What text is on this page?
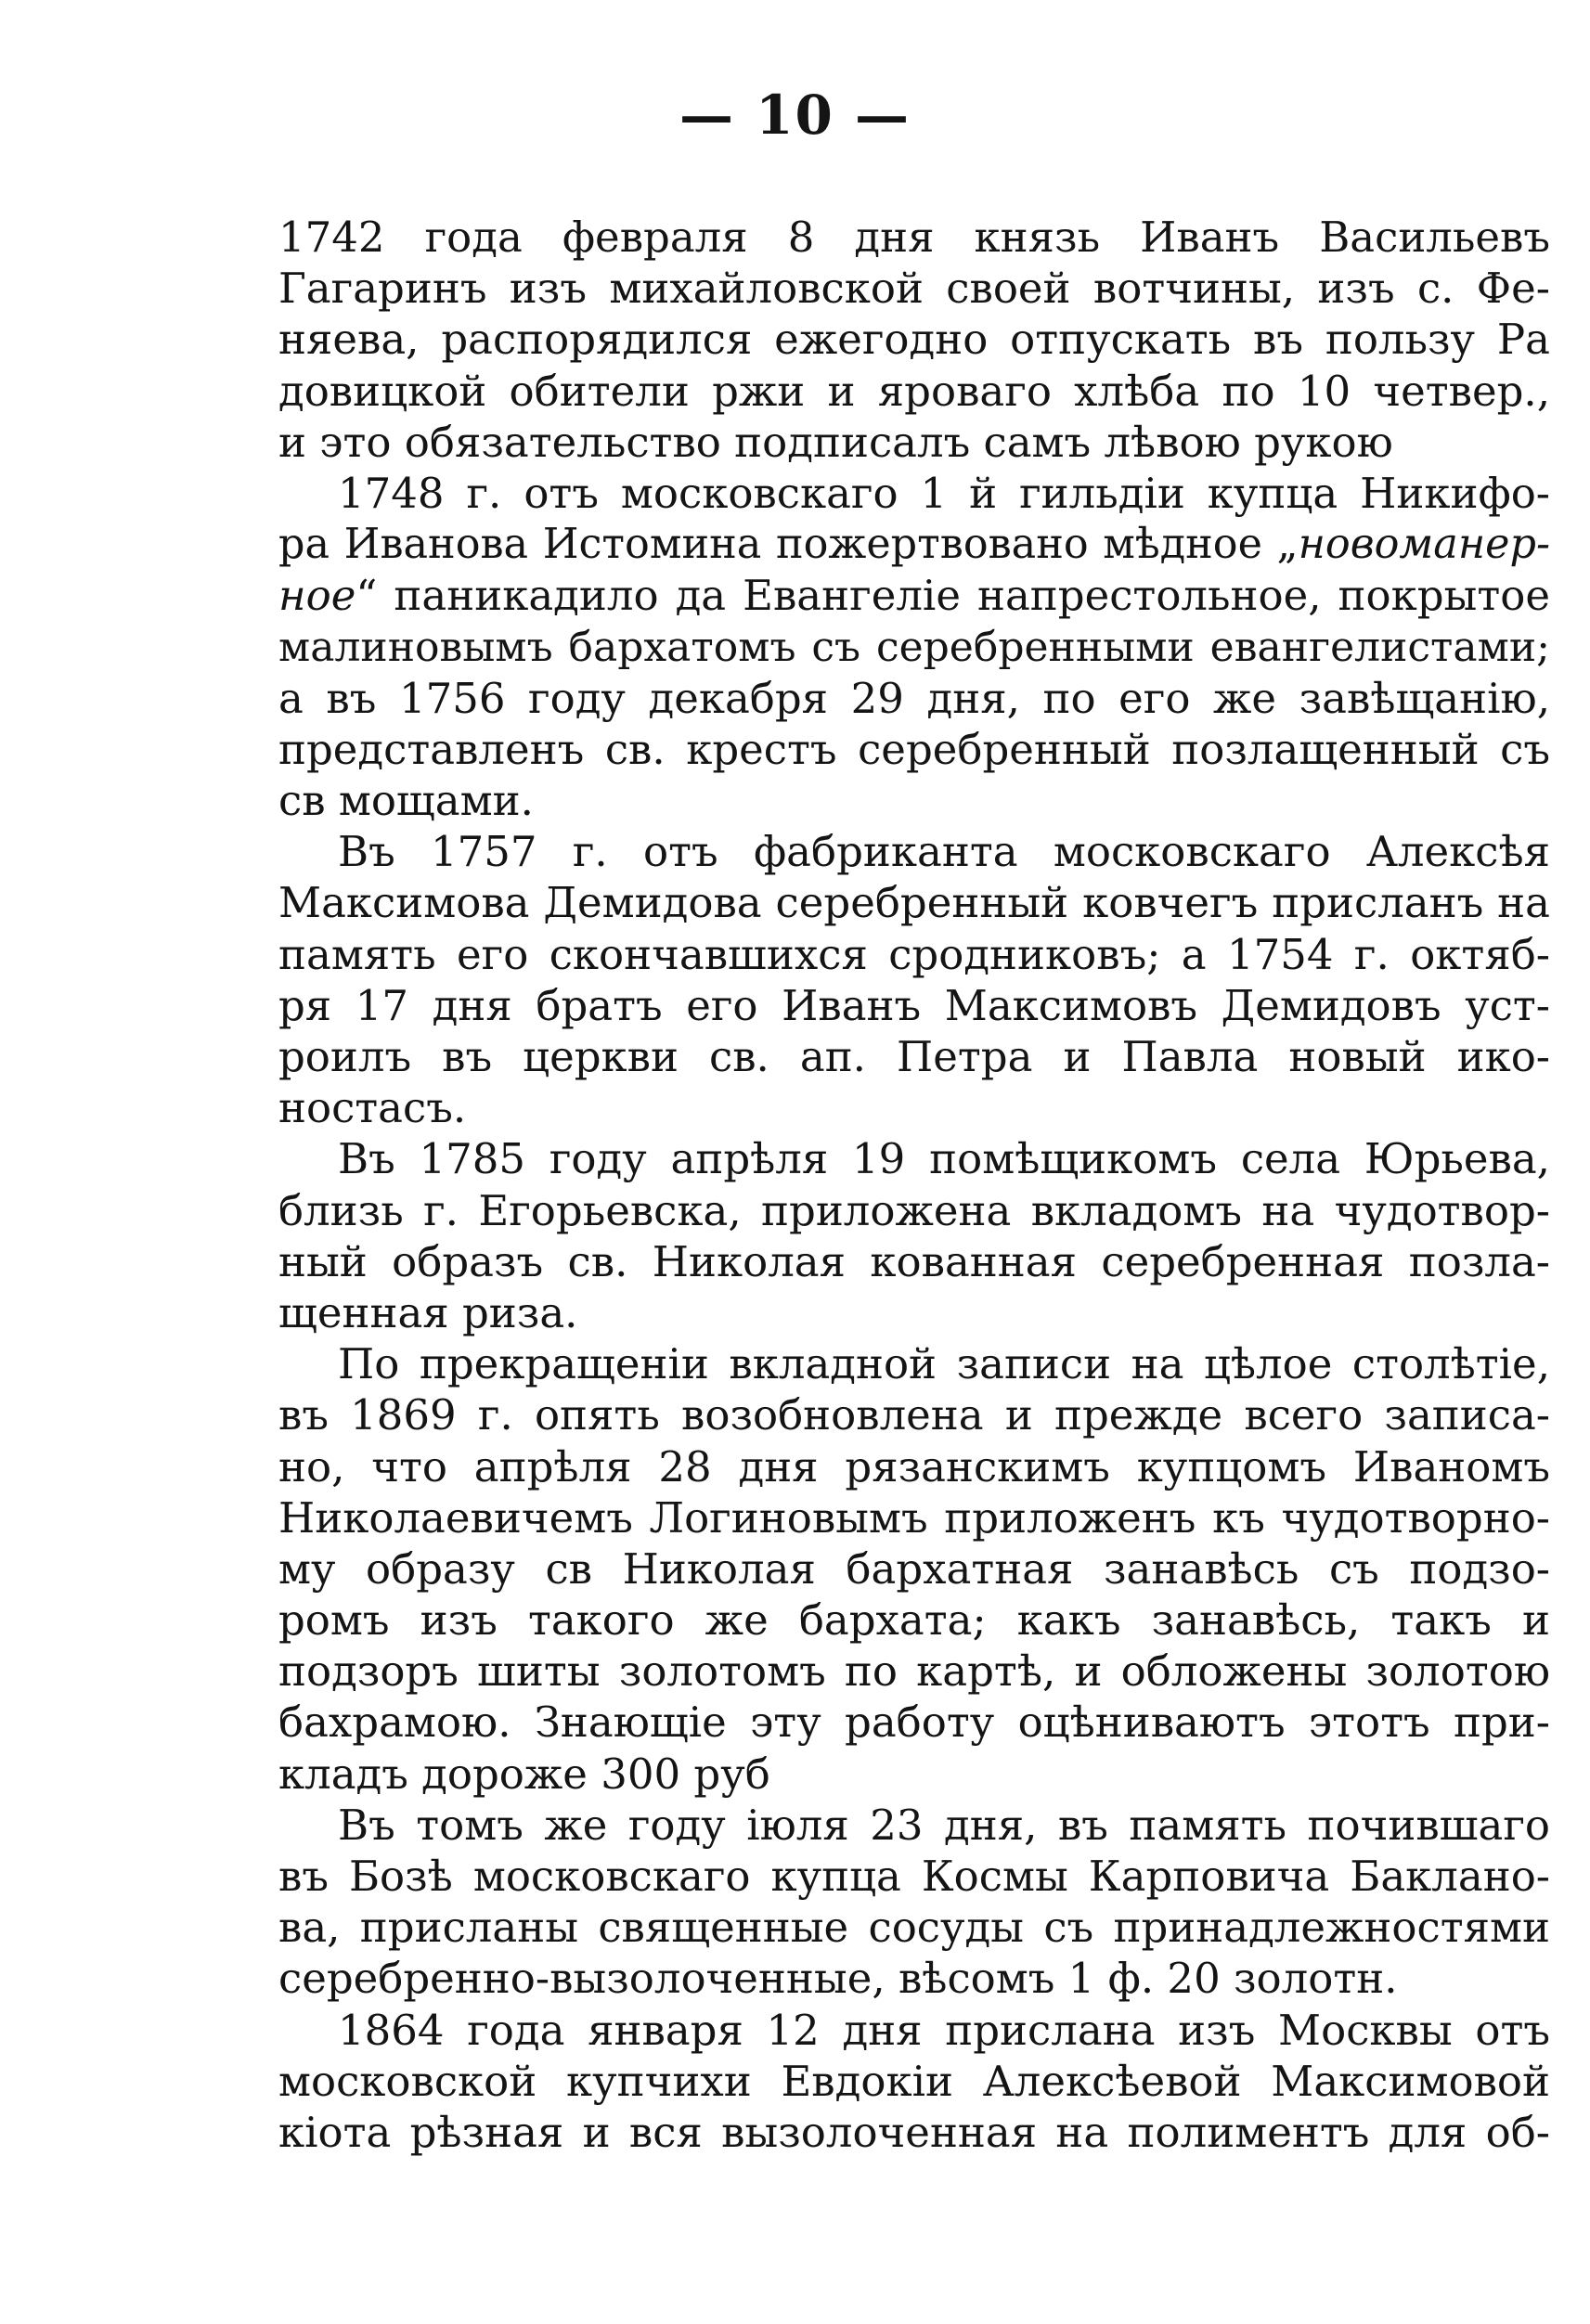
— 10 —
1742 года февраля 8 дня князь Иванъ Васильевъ
Гагаринъ изъ михайловской своей вотчины, изъ с. Фе-
няева, распорядился ежегодно отпускать въ пользу Ра
довицкой обители ржи и яроваго хлѣба по 10 четвер.,
и это обязательство подписалъ самъ лѣвою рукою
1748 г. отъ московскаго 1 й гильдіи купца Никифо-
ра Иванова Истомина пожертвовано мѣдное „новоманер-
ное“ паникадило да Евангеліе напрестольное, покрытое
малиновымъ бархатомъ съ серебренными евангелистами;
а въ 1756 году декабря 29 дня, по его же завѣщанію,
представленъ св. крестъ серебренный позлащенный съ
св мощами.
Въ 1757 г. отъ фабриканта московскаго Алексѣя
Максимова Демидова серебренный ковчегъ присланъ на
память его скончавшихся сродниковъ; а 1754 г. октяб-
ря 17 дня братъ его Иванъ Максимовъ Демидовъ уст-
роилъ въ церкви св. ап. Петра и Павла новый ико-
ностасъ.
Въ 1785 году апрѣля 19 помѣщикомъ села Юрьева,
близь г. Егорьевска, приложена вкладомъ на чудотвор-
ный образъ св. Николая кованная серебренная позла-
щенная риза.
По прекращеніи вкладной записи на цѣлое столѣтіе,
въ 1869 г. опять возобновлена и прежде всего записа-
но, что апрѣля 28 дня рязанскимъ купцомъ Иваномъ
Николаевичемъ Логиновымъ приложенъ къ чудотворно-
му образу св Николая бархатная занавѣсь съ подзо-
ромъ изъ такого же бархата; какъ занавѣсь, такъ и
подзоръ шиты золотомъ по картѣ, и обложены золотою
бахрамою. Знающіе эту работу оцѣниваютъ этотъ при-
кладъ дороже 300 руб
Въ томъ же году іюля 23 дня, въ память почившаго
въ Бозѣ московскаго купца Космы Карповича Баклано-
ва, присланы священные сосуды съ принадлежностями
серебренно-вызолоченные, вѣсомъ 1 ф. 20 золотн.
1864 года января 12 дня прислана изъ Москвы отъ
московской купчихи Евдокіи Алексѣевой Максимовой
кіота рѣзная и вся вызолоченная на полиментъ для об-
